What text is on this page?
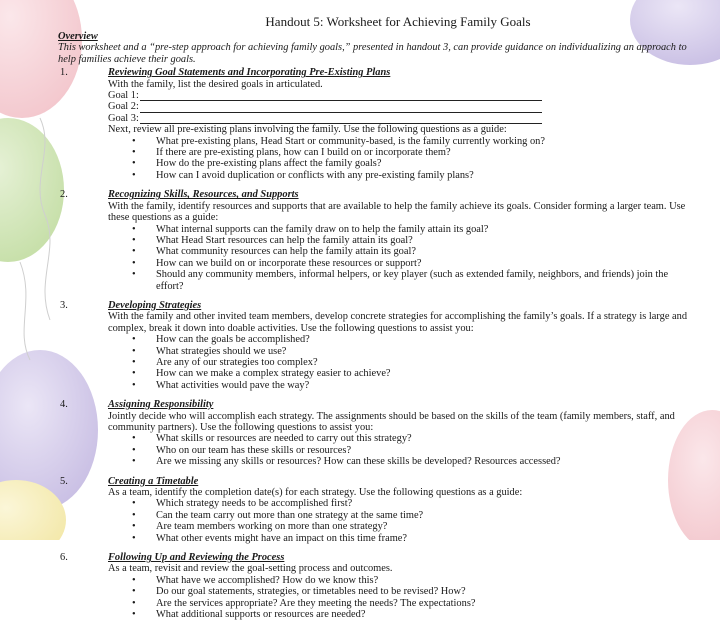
Handout 5: Worksheet for Achieving Family Goals
Overview
This worksheet and a “pre-step approach for achieving family goals,” presented in handout 3, can provide guidance on individualizing an approach to help families achieve their goals.
1.	Reviewing Goal Statements and Incorporating Pre-Existing Plans
With the family, list the desired goals in articulated.
Goal 1:
Goal 2:
Goal 3:
Next, review all pre-existing plans involving the family. Use the following questions as a guide:
• What pre-existing plans, Head Start or community-based, is the family currently working on?
• If there are pre-existing plans, how can I build on or incorporate them?
• How do the pre-existing plans affect the family goals?
• How can I avoid duplication or conflicts with any pre-existing family plans?
2.	Recognizing Skills, Resources, and Supports
With the family, identify resources and supports that are available to help the family achieve its goals. Consider forming a larger team. Use these questions as a guide:
• What internal supports can the family draw on to help the family attain its goal?
• What Head Start resources can help the family attain its goal?
• What community resources can help the family attain its goal?
• How can we build on or incorporate these resources or support?
• Should any community members, informal helpers, or key player (such as extended family, neighbors, and friends) join the effort?
3.	Developing Strategies
With the family and other invited team members, develop concrete strategies for accomplishing the family’s goals. If a strategy is large and complex, break it down into doable activities. Use the following questions to assist you:
• How can the goals be accomplished?
• What strategies should we use?
• Are any of our strategies too complex?
• How can we make a complex strategy easier to achieve?
• What activities would pave the way?
4.	Assigning Responsibility
Jointly decide who will accomplish each strategy. The assignments should be based on the skills of the team (family members, staff, and community partners). Use the following questions to assist you:
• What skills or resources are needed to carry out this strategy?
• Who on our team has these skills or resources?
• Are we missing any skills or resources? How can these skills be developed? Resources accessed?
5.	Creating a Timetable
As a team, identify the completion date(s) for each strategy. Use the following questions as a guide:
• Which strategy needs to be accomplished first?
• Can the team carry out more than one strategy at the same time?
• Are team members working on more than one strategy?
• What other events might have an impact on this time frame?
6.	Following Up and Reviewing the Process
As a team, revisit and review the goal-setting process and outcomes.
• What have we accomplished? How do we know this?
• Do our goal statements, strategies, or timetables need to be revised? How?
• Are the services appropriate? Are they meeting the needs? The expectations?
• What additional supports or resources are needed?
